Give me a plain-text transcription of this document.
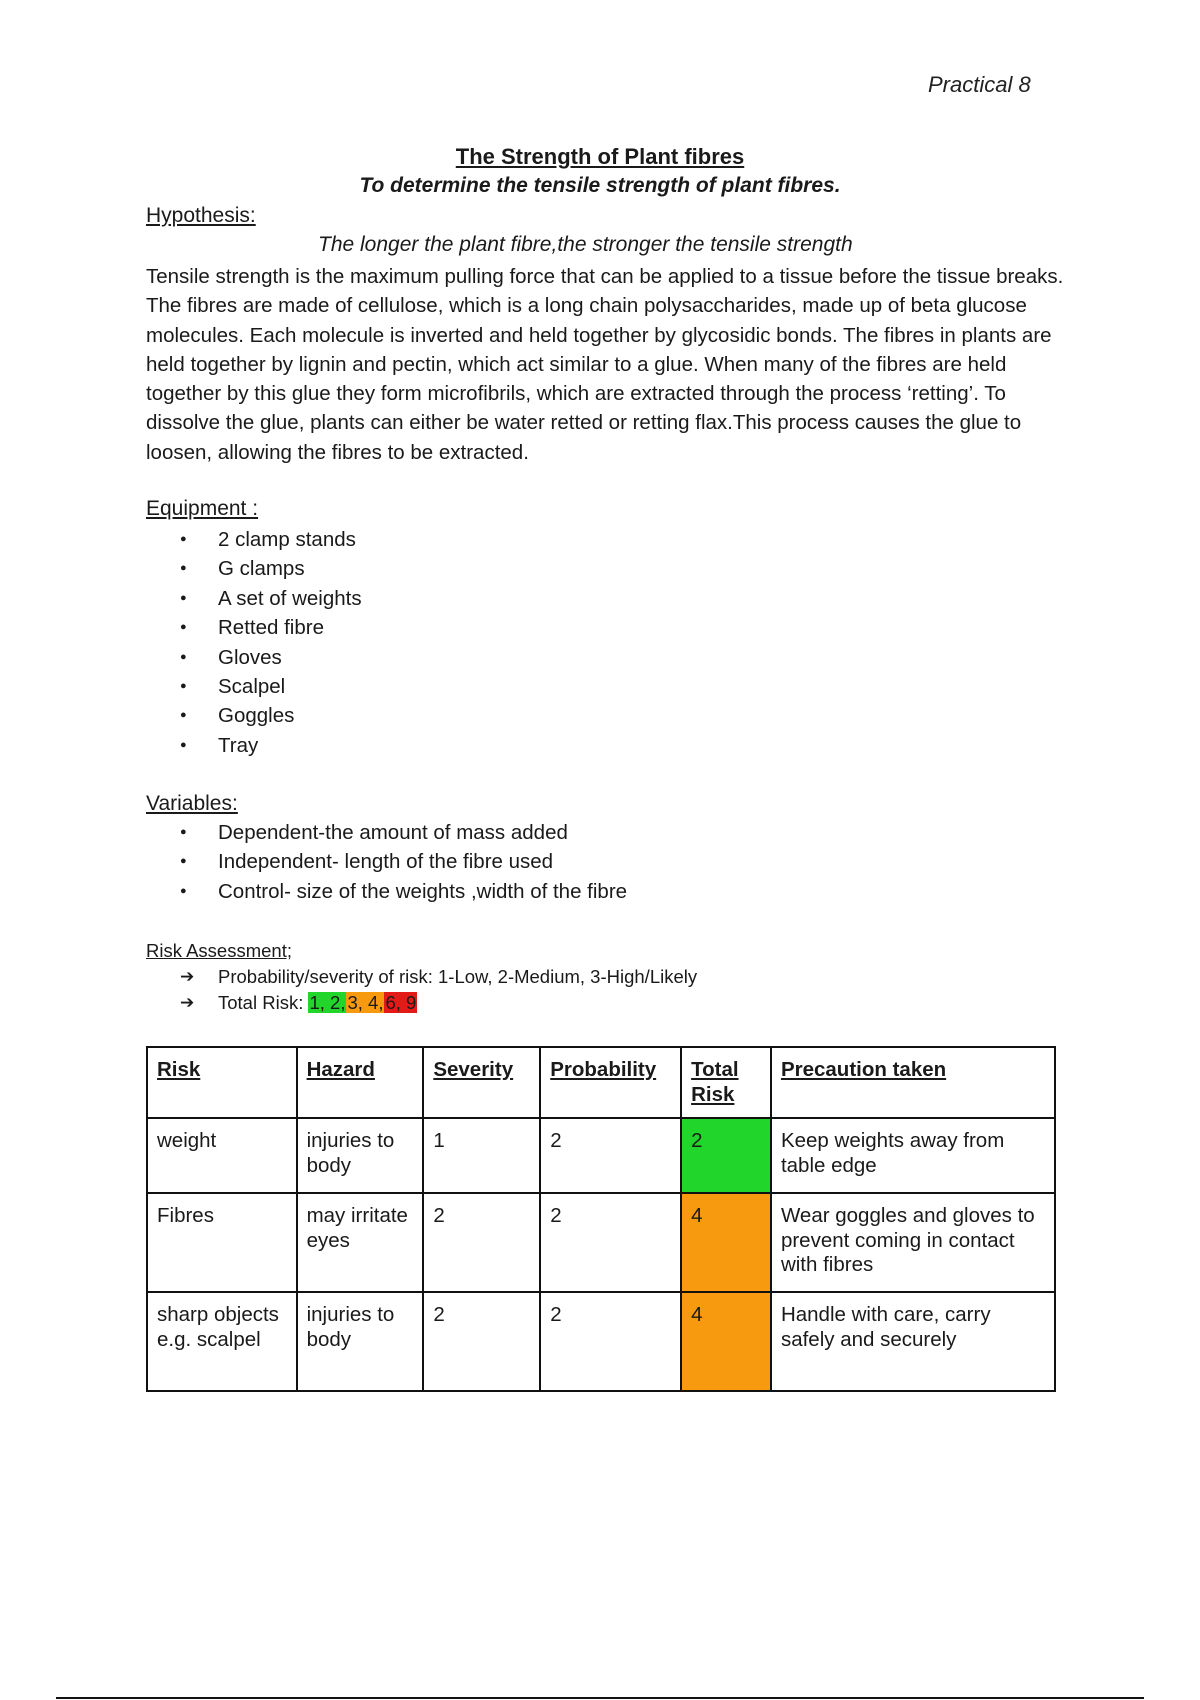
Practical 8
The Strength of Plant fibres
To determine the tensile strength of plant fibres.
Hypothesis:
The longer the plant fibre,the stronger the tensile strength
Tensile strength is the maximum pulling force that can be applied to a tissue before the tissue breaks. The fibres are made of cellulose, which is a long chain polysaccharides, made up of beta glucose molecules. Each molecule is inverted and held together by glycosidic bonds. The fibres in plants are held together by lignin and pectin, which act similar to a glue. When many of the fibres are held together by this glue they form microfibrils, which are extracted through the process ‘retting’. To dissolve the glue, plants can either be water retted or retting flax.This process causes the glue to loosen, allowing the fibres to be extracted.
Equipment :
● 2 clamp stands
● G clamps
● A set of weights
● Retted fibre
● Gloves
● Scalpel
● Goggles
● Tray
Variables:
● Dependent-the amount of mass added
● Independent- length of the fibre used
● Control- size of the weights ,width of the fibre
Risk Assessment;
➔ Probability/severity of risk: 1-Low, 2-Medium, 3-High/Likely
➔ Total Risk: 1, 2, 3, 4, 6, 9
Risk	Hazard	Severity	Probability	Total Risk	Precaution taken
weight	injuries to body	1	2	2	Keep weights away from table edge
Fibres	may irritate eyes	2	2	4	Wear goggles and gloves to prevent coming in contact with fibres
sharp objects e.g. scalpel	injuries to body	2	2	4	Handle with care, carry safely and securely
